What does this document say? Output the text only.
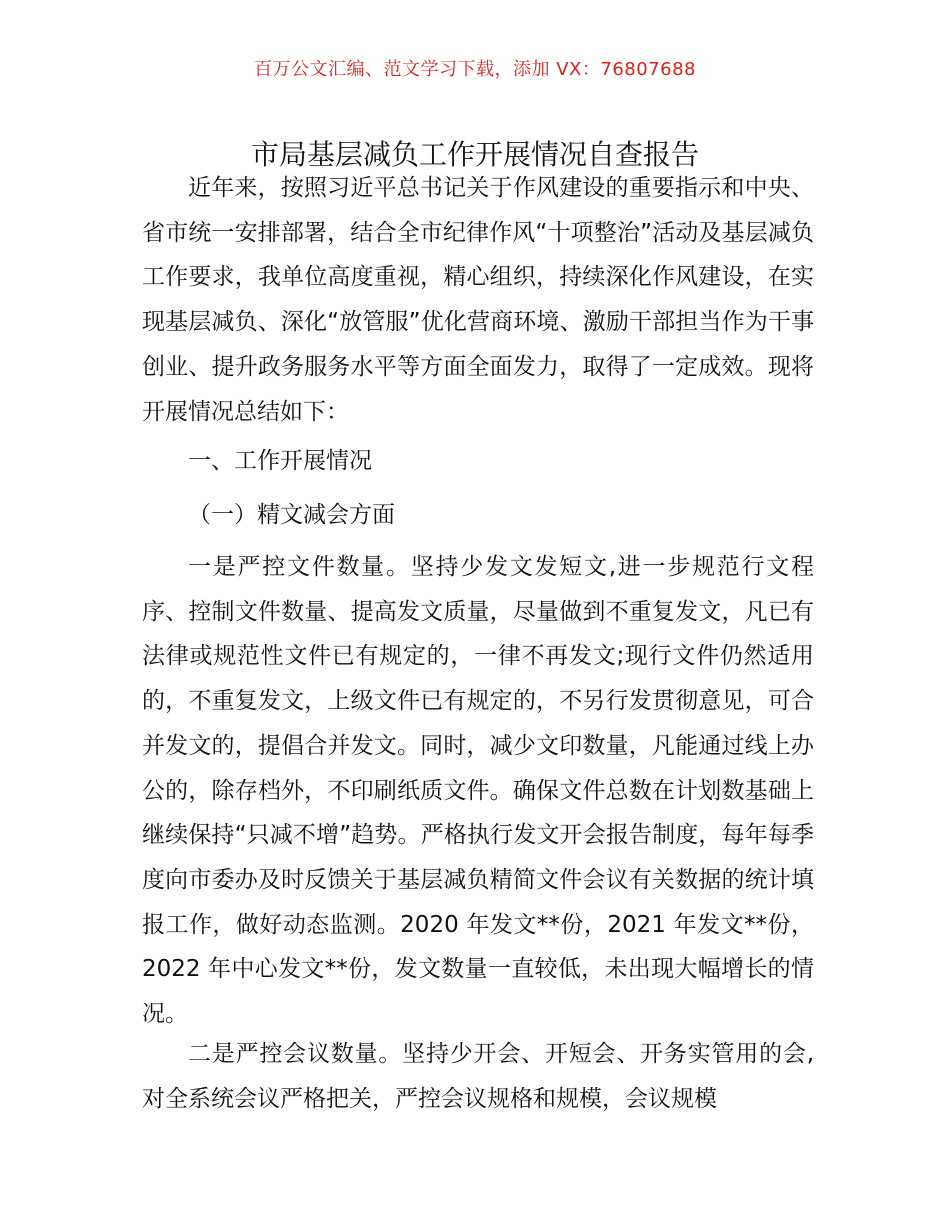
百万公文汇编、范文学习下载，添加 VX：76807688
市局基层减负工作开展情况自查报告

近年来，按照习近平总书记关于作风建设的重要指示和中央、省市统一安排部署，结合全市纪律作风“十项整治”活动及基层减负工作要求，我单位高度重视，精心组织，持续深化作风建设，在实现基层减负、深化“放管服”优化营商环境、激励干部担当作为干事创业、提升政务服务水平等方面全面发力，取得了一定成效。现将开展情况总结如下：

一、工作开展情况

（一）精文减会方面

一是严控文件数量。坚持少发文发短文,进一步规范行文程序、控制文件数量、提高发文质量，尽量做到不重复发文，凡已有法律或规范性文件已有规定的，一律不再发文;现行文件仍然适用的，不重复发文，上级文件已有规定的，不另行发贯彻意见，可合并发文的，提倡合并发文。同时，减少文印数量，凡能通过线上办公的，除存档外，不印刷纸质文件。确保文件总数在计划数基础上继续保持“只减不增”趋势。严格执行发文开会报告制度，每年每季度向市委办及时反馈关于基层减负精简文件会议有关数据的统计填报工作，做好动态监测。2020 年发文**份，2021 年发文**份，2022 年中心发文**份，发文数量一直较低，未出现大幅增长的情况。

二是严控会议数量。坚持少开会、开短会、开务实管用的会,对全系统会议严格把关，严控会议规格和规模，会议规模
